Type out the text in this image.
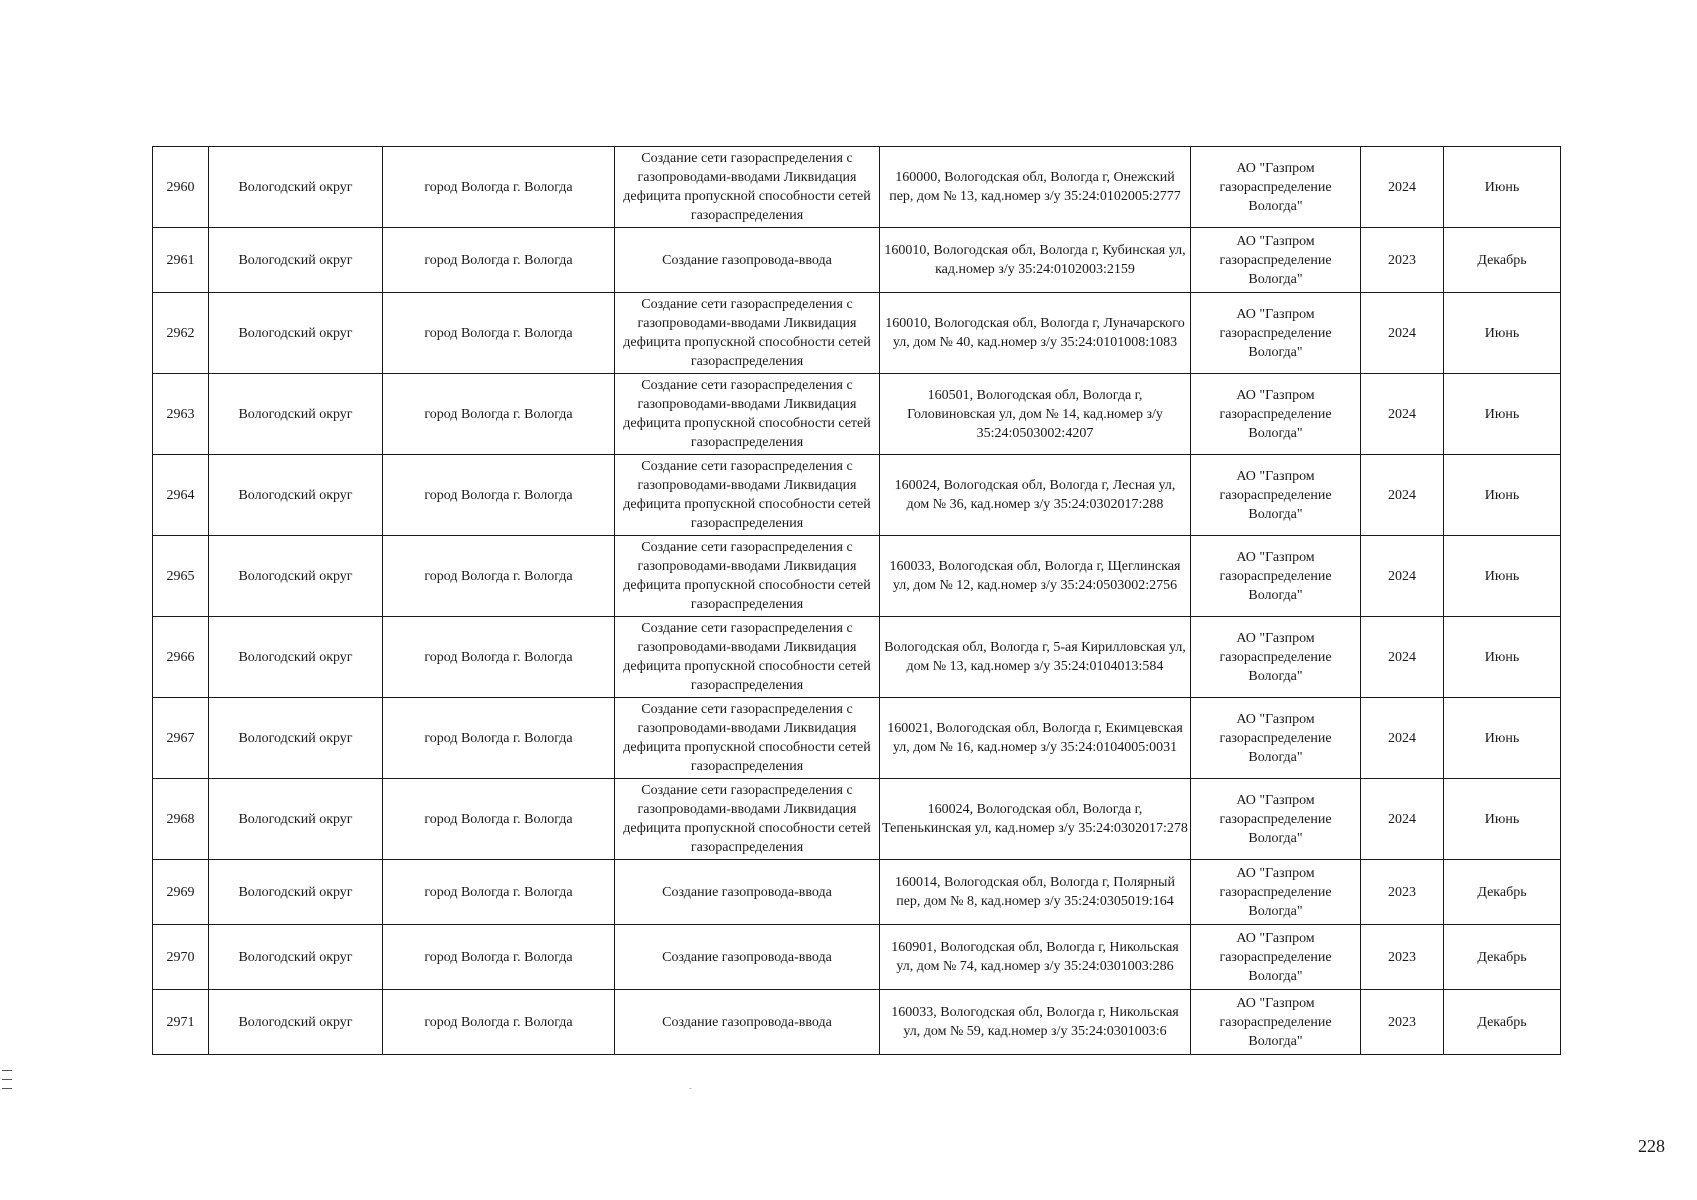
2960	Вологодский округ	город Вологда г. Вологда	Создание сети газораспределения с газопроводами-вводами Ликвидация дефицита пропускной способности сетей газораспределения	160000, Вологодская обл, Вологда г, Онежский пер, дом № 13, кад.номер з/у 35:24:0102005:2777	АО "Газпром газораспределение Вологда"	2024	Июнь
2961	Вологодский округ	город Вологда г. Вологда	Создание газопровода-ввода	160010, Вологодская обл, Вологда г, Кубинская ул, кад.номер з/у 35:24:0102003:2159	АО "Газпром газораспределение Вологда"	2023	Декабрь
2962	Вологодский округ	город Вологда г. Вологда	Создание сети газораспределения с газопроводами-вводами Ликвидация дефицита пропускной способности сетей газораспределения	160010, Вологодская обл, Вологда г, Луначарского ул, дом № 40, кад.номер з/у 35:24:0101008:1083	АО "Газпром газораспределение Вологда"	2024	Июнь
2963	Вологодский округ	город Вологда г. Вологда	Создание сети газораспределения с газопроводами-вводами Ликвидация дефицита пропускной способности сетей газораспределения	160501, Вологодская обл, Вологда г, Головиновская ул, дом № 14, кад.номер з/у 35:24:0503002:4207	АО "Газпром газораспределение Вологда"	2024	Июнь
2964	Вологодский округ	город Вологда г. Вологда	Создание сети газораспределения с газопроводами-вводами Ликвидация дефицита пропускной способности сетей газораспределения	160024, Вологодская обл, Вологда г, Лесная ул, дом № 36, кад.номер з/у 35:24:0302017:288	АО "Газпром газораспределение Вологда"	2024	Июнь
2965	Вологодский округ	город Вологда г. Вологда	Создание сети газораспределения с газопроводами-вводами Ликвидация дефицита пропускной способности сетей газораспределения	160033, Вологодская обл, Вологда г, Щеглинская ул, дом № 12, кад.номер з/у 35:24:0503002:2756	АО "Газпром газораспределение Вологда"	2024	Июнь
2966	Вологодский округ	город Вологда г. Вологда	Создание сети газораспределения с газопроводами-вводами Ликвидация дефицита пропускной способности сетей газораспределения	Вологодская обл, Вологда г, 5-ая Кирилловская ул, дом № 13, кад.номер з/у 35:24:0104013:584	АО "Газпром газораспределение Вологда"	2024	Июнь
2967	Вологодский округ	город Вологда г. Вологда	Создание сети газораспределения с газопроводами-вводами Ликвидация дефицита пропускной способности сетей газораспределения	160021, Вологодская обл, Вологда г, Екимцевская ул, дом № 16, кад.номер з/у 35:24:0104005:0031	АО "Газпром газораспределение Вологда"	2024	Июнь
2968	Вологодский округ	город Вологда г. Вологда	Создание сети газораспределения с газопроводами-вводами Ликвидация дефицита пропускной способности сетей газораспределения	160024, Вологодская обл, Вологда г, Тепенькинская ул, кад.номер з/у 35:24:0302017:278	АО "Газпром газораспределение Вологда"	2024	Июнь
2969	Вологодский округ	город Вологда г. Вологда	Создание газопровода-ввода	160014, Вологодская обл, Вологда г, Полярный пер, дом № 8, кад.номер з/у 35:24:0305019:164	АО "Газпром газораспределение Вологда"	2023	Декабрь
2970	Вологодский округ	город Вологда г. Вологда	Создание газопровода-ввода	160901, Вологодская обл, Вологда г, Никольская ул, дом № 74, кад.номер з/у 35:24:0301003:286	АО "Газпром газораспределение Вологда"	2023	Декабрь
2971	Вологодский округ	город Вологда г. Вологда	Создание газопровода-ввода	160033, Вологодская обл, Вологда г, Никольская ул, дом № 59, кад.номер з/у 35:24:0301003:6	АО "Газпром газораспределение Вологда"	2023	Декабрь
228
